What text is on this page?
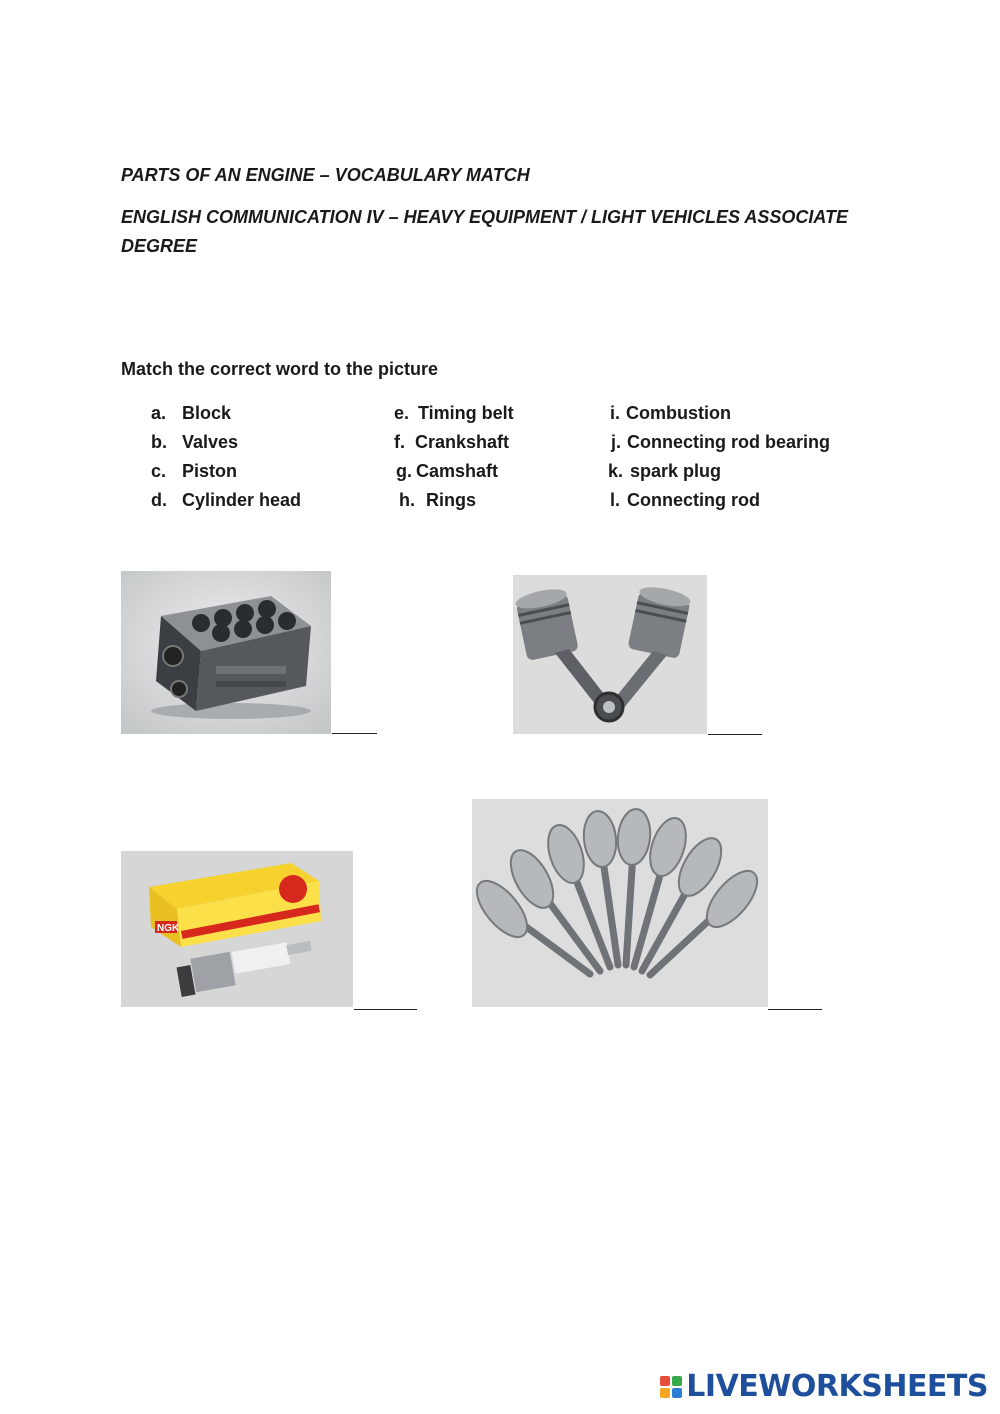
PARTS OF AN ENGINE – VOCABULARY MATCH

ENGLISH COMMUNICATION IV – HEAVY EQUIPMENT / LIGHT VEHICLES ASSOCIATE DEGREE

Match the correct word to the picture

a. Block
b. Valves
c. Piston
d. Cylinder head
e. Timing belt
f. Crankshaft
g. Camshaft
h. Rings
i. Combustion
j. Connecting rod bearing
k. spark plug
l. Connecting rod
NGK
LIVEWORKSHEETS
